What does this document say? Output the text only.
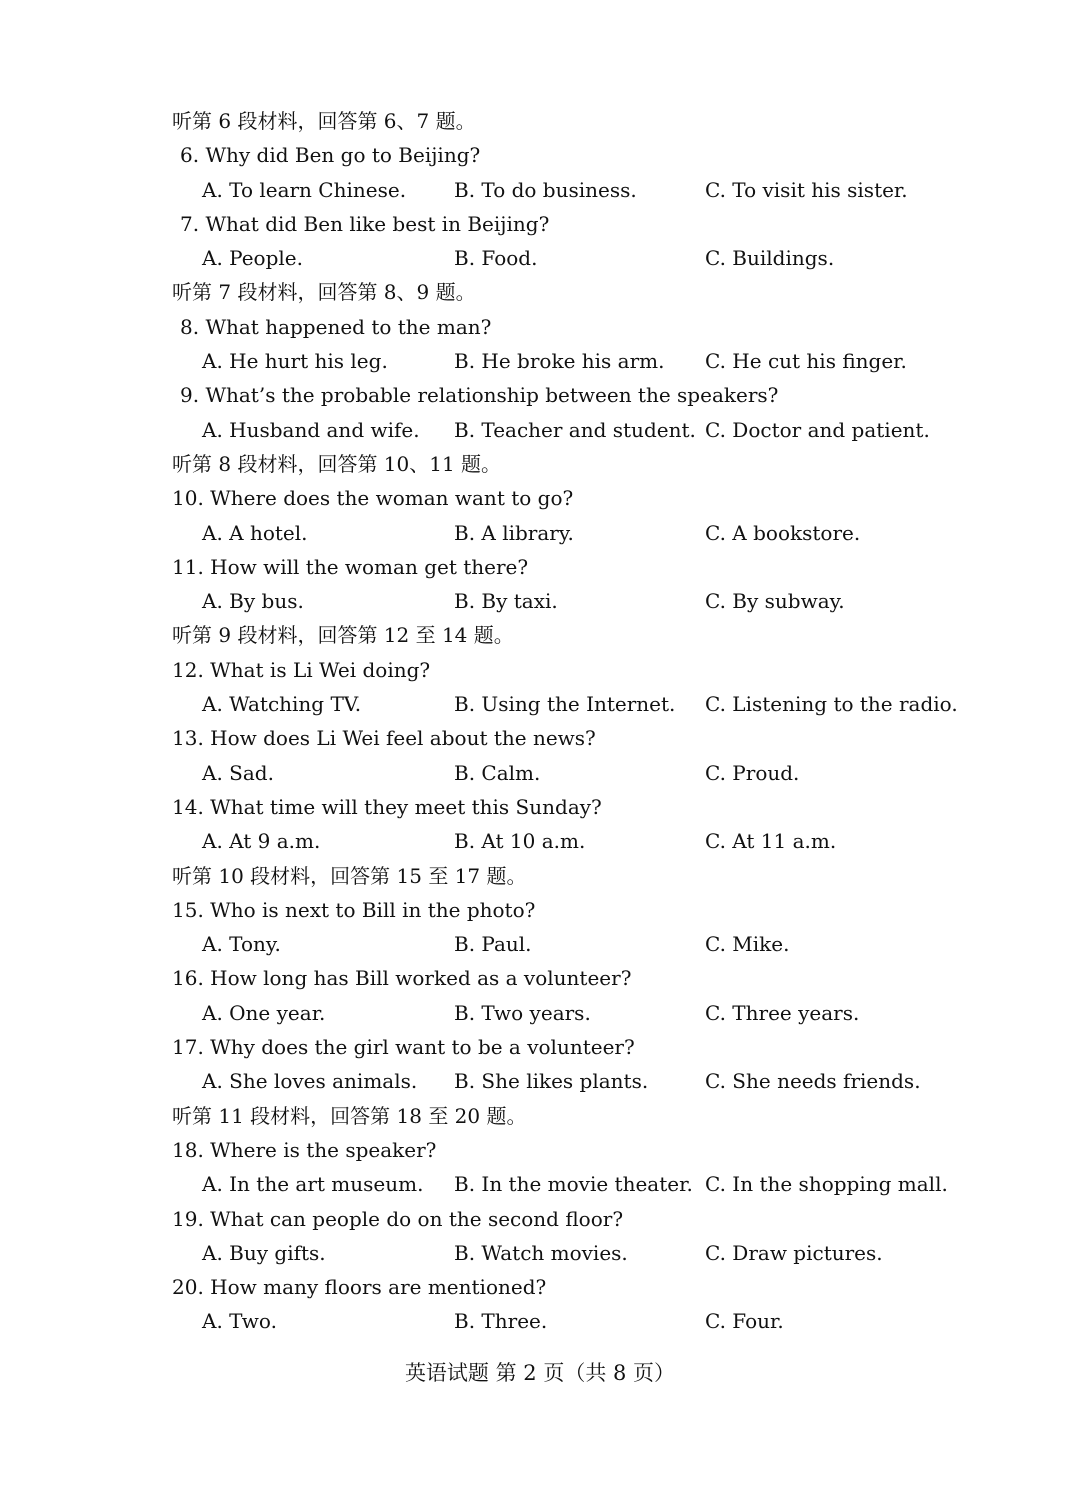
听第 6 段材料，回答第 6、7 题。
6. Why did Ben go to Beijing?
A. To learn Chinese. B. To do business.	C. To visit his sister.
7. What did Ben like best in Beijing?
A. People.	B. Food.	C. Buildings.
听第 7 段材料，回答第 8、9 题。
8. What happened to the man?
A. He hurt his leg.	B. He broke his arm. C. He cut his finger.
9. What’s the probable relationship between the speakers?
A. Husband and wife. B. Teacher and student. C. Doctor and patient.
听第 8 段材料，回答第 10、11 题。
10. Where does the woman want to go?
A. A hotel.	B. A library.	C. A bookstore.
11. How will the woman get there?
A. By bus.	B. By taxi.	C. By subway.
听第 9 段材料，回答第 12 至 14 题。
12. What is Li Wei doing?
A. Watching TV.	B. Using the Internet. C. Listening to the radio.
13. How does Li Wei feel about the news?
A. Sad.	B. Calm.	C. Proud.
14. What time will they meet this Sunday?
A. At 9 a.m.	B. At 10 a.m.	C. At 11 a.m.
听第 10 段材料，回答第 15 至 17 题。
15. Who is next to Bill in the photo?
A. Tony.	B. Paul.	C. Mike.
16. How long has Bill worked as a volunteer?
A. One year.	B. Two years.	C. Three years.
17. Why does the girl want to be a volunteer?
A. She loves animals. B. She likes plants.	C. She needs friends.
听第 11 段材料，回答第 18 至 20 题。
18. Where is the speaker?
A. In the art museum. B. In the movie theater. C. In the shopping mall.
19. What can people do on the second floor?
A. Buy gifts.	B. Watch movies.	C. Draw pictures.
20. How many floors are mentioned?
A. Two.	B. Three.	C. Four.
英语试题 第 2 页（共 8 页）
